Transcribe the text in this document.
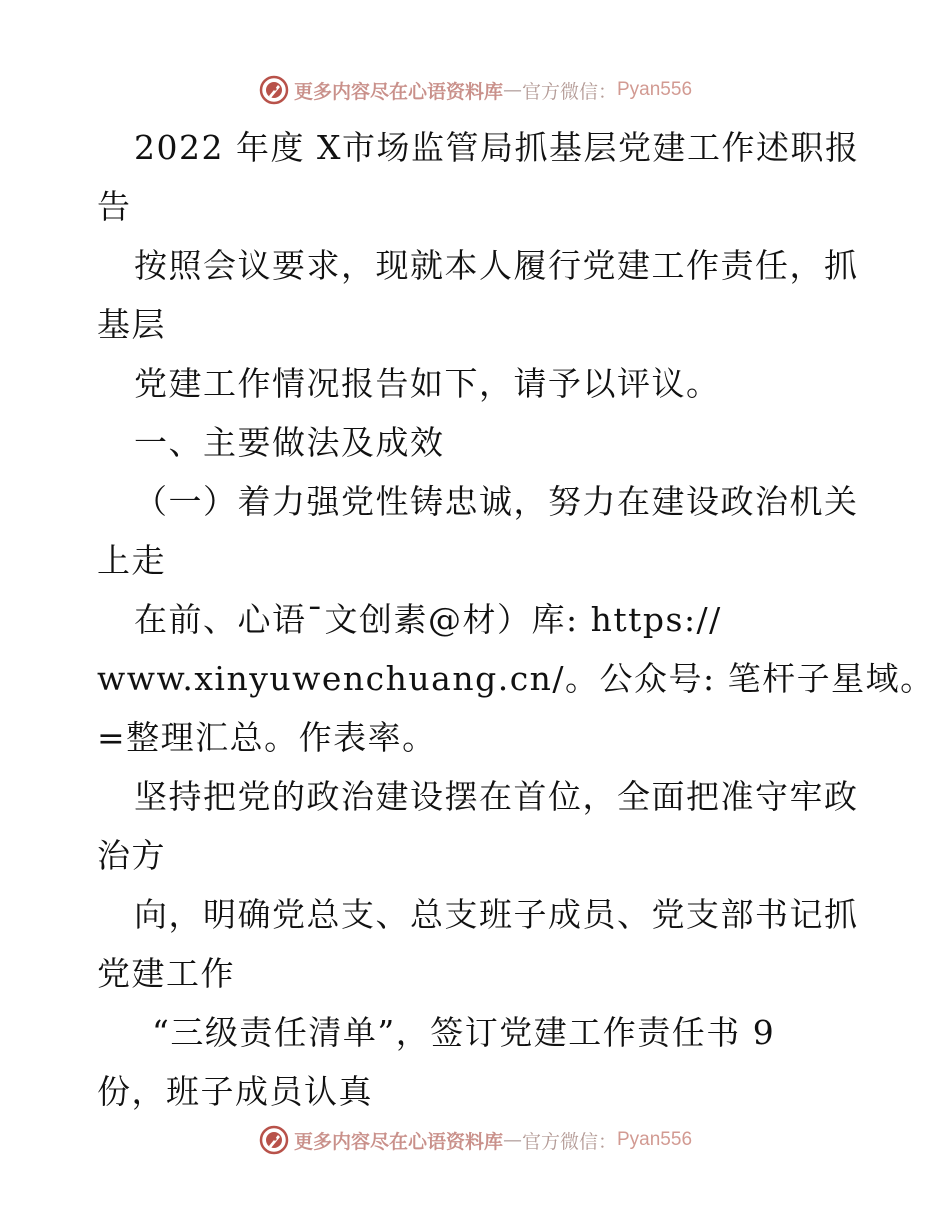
更多内容尽在心语资料库 — 官方微信： Pyan556
2022 年度 X市场监管局抓基层党建工作述职报
告
按照会议要求，现就本人履行党建工作责任，抓
基层
党建工作情况报告如下，请予以评议。
一、主要做法及成效
（一）着力强党性铸忠诚，努力在建设政治机关
上走
在前、心语¯文创素@材）库: https://
www.xinyuwenchuang.cn/。公众号: 笔杆子星域。
=整理汇总。作表率。
坚持把党的政治建设摆在首位，全面把准守牢政
治方
向，明确党总支、总支班子成员、党支部书记抓
党建工作
“三级责任清单”，签订党建工作责任书 9
份，班子成员认真
更多内容尽在心语资料库 — 官方微信： Pyan556
